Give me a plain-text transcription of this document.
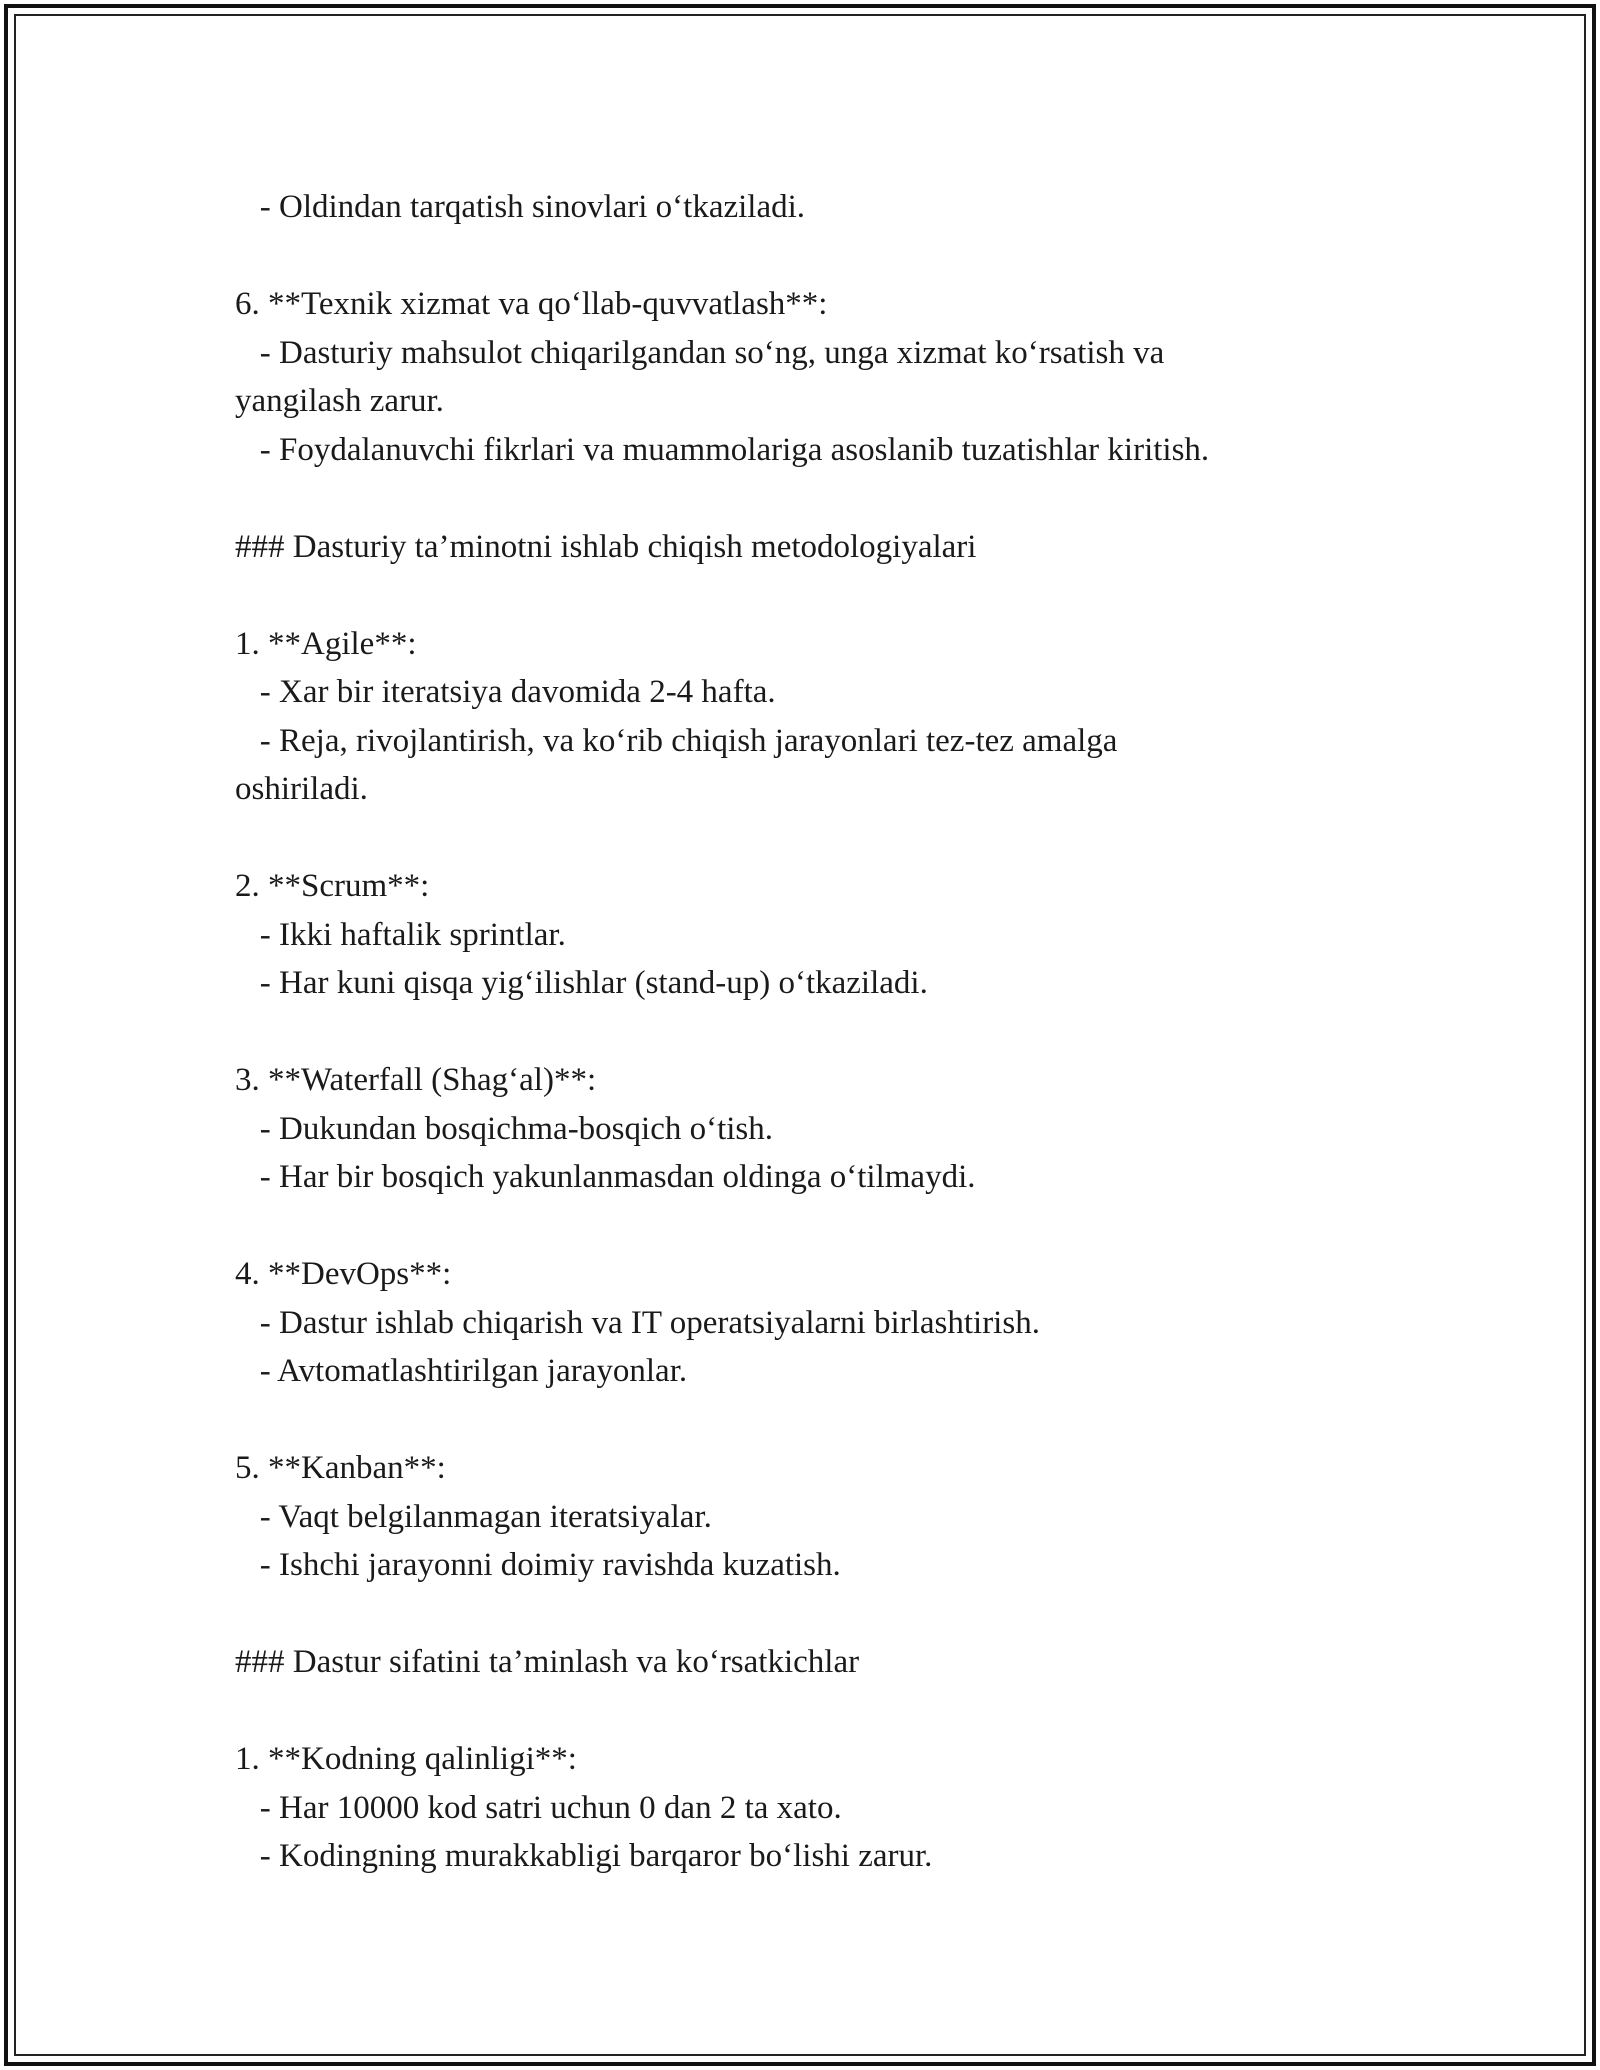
- Oldindan tarqatish sinovlari o‘tkaziladi.
6. **Texnik xizmat va qo‘llab-quvvatlash**:
- Dasturiy mahsulot chiqarilgandan so‘ng, unga xizmat ko‘rsatish va
yangilash zarur.
- Foydalanuvchi fikrlari va muammolariga asoslanib tuzatishlar kiritish.
### Dasturiy ta’minotni ishlab chiqish metodologiyalari
1. **Agile**:
- Xar bir iteratsiya davomida 2-4 hafta.
- Reja, rivojlantirish, va ko‘rib chiqish jarayonlari tez-tez amalga
oshiriladi.
2. **Scrum**:
- Ikki haftalik sprintlar.
- Har kuni qisqa yig‘ilishlar (stand-up) o‘tkaziladi.
3. **Waterfall (Shag‘al)**:
- Dukundan bosqichma-bosqich o‘tish.
- Har bir bosqich yakunlanmasdan oldinga o‘tilmaydi.
4. **DevOps**:
- Dastur ishlab chiqarish va IT operatsiyalarni birlashtirish.
- Avtomatlashtirilgan jarayonlar.
5. **Kanban**:
- Vaqt belgilanmagan iteratsiyalar.
- Ishchi jarayonni doimiy ravishda kuzatish.
### Dastur sifatini ta’minlash va ko‘rsatkichlar
1. **Kodning qalinligi**:
- Har 10000 kod satri uchun 0 dan 2 ta xato.
- Kodingning murakkabligi barqaror bo‘lishi zarur.
